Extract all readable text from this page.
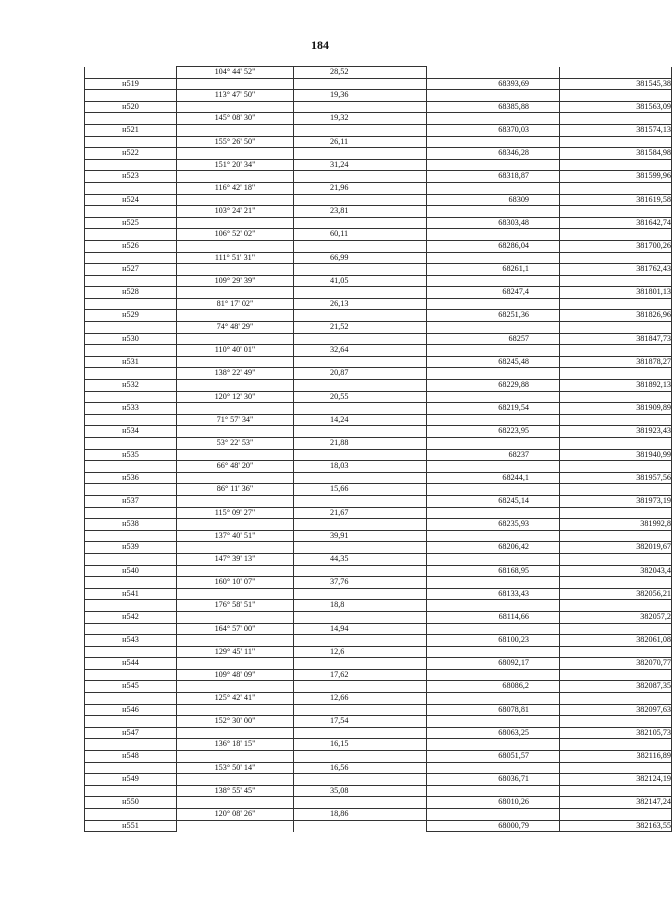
184
	104° 44' 52"	28,52		
н519			68393,69	381545,38
	113° 47' 50"	19,36		
н520			68385,88	381563,09
	145° 08' 30"	19,32		
н521			68370,03	381574,13
	155° 26' 50"	26,11		
н522			68346,28	381584,98
	151° 20' 34"	31,24		
н523			68318,87	381599,96
	116° 42' 18"	21,96		
н524			68309	381619,58
	103° 24' 21"	23,81		
н525			68303,48	381642,74
	106° 52' 02"	60,11		
н526			68286,04	381700,26
	111° 51' 31"	66,99		
н527			68261,1	381762,43
	109° 29' 39"	41,05		
н528			68247,4	381801,13
	81° 17' 02"	26,13		
н529			68251,36	381826,96
	74° 48' 29"	21,52		
н530			68257	381847,73
	110° 40' 01"	32,64		
н531			68245,48	381878,27
	138° 22' 49"	20,87		
н532			68229,88	381892,13
	120° 12' 30"	20,55		
н533			68219,54	381909,89
	71° 57' 34"	14,24		
н534			68223,95	381923,43
	53° 22' 53"	21,88		
н535			68237	381940,99
	66° 48' 20"	18,03		
н536			68244,1	381957,56
	86° 11' 36"	15,66		
н537			68245,14	381973,19
	115° 09' 27"	21,67		
н538			68235,93	381992,8
	137° 40' 51"	39,91		
н539			68206,42	382019,67
	147° 39' 13"	44,35		
н540			68168,95	382043,4
	160° 10' 07"	37,76		
н541			68133,43	382056,21
	176° 58' 51"	18,8		
н542			68114,66	382057,2
	164° 57' 00"	14,94		
н543			68100,23	382061,08
	129° 45' 11"	12,6		
н544			68092,17	382070,77
	109° 48' 09"	17,62		
н545			68086,2	382087,35
	125° 42' 41"	12,66		
н546			68078,81	382097,63
	152° 30' 00"	17,54		
н547			68063,25	382105,73
	136° 18' 15"	16,15		
н548			68051,57	382116,89
	153° 50' 14"	16,56		
н549			68036,71	382124,19
	138° 55' 45"	35,08		
н550			68010,26	382147,24
	120° 08' 26"	18,86		
н551			68000,79	382163,55
